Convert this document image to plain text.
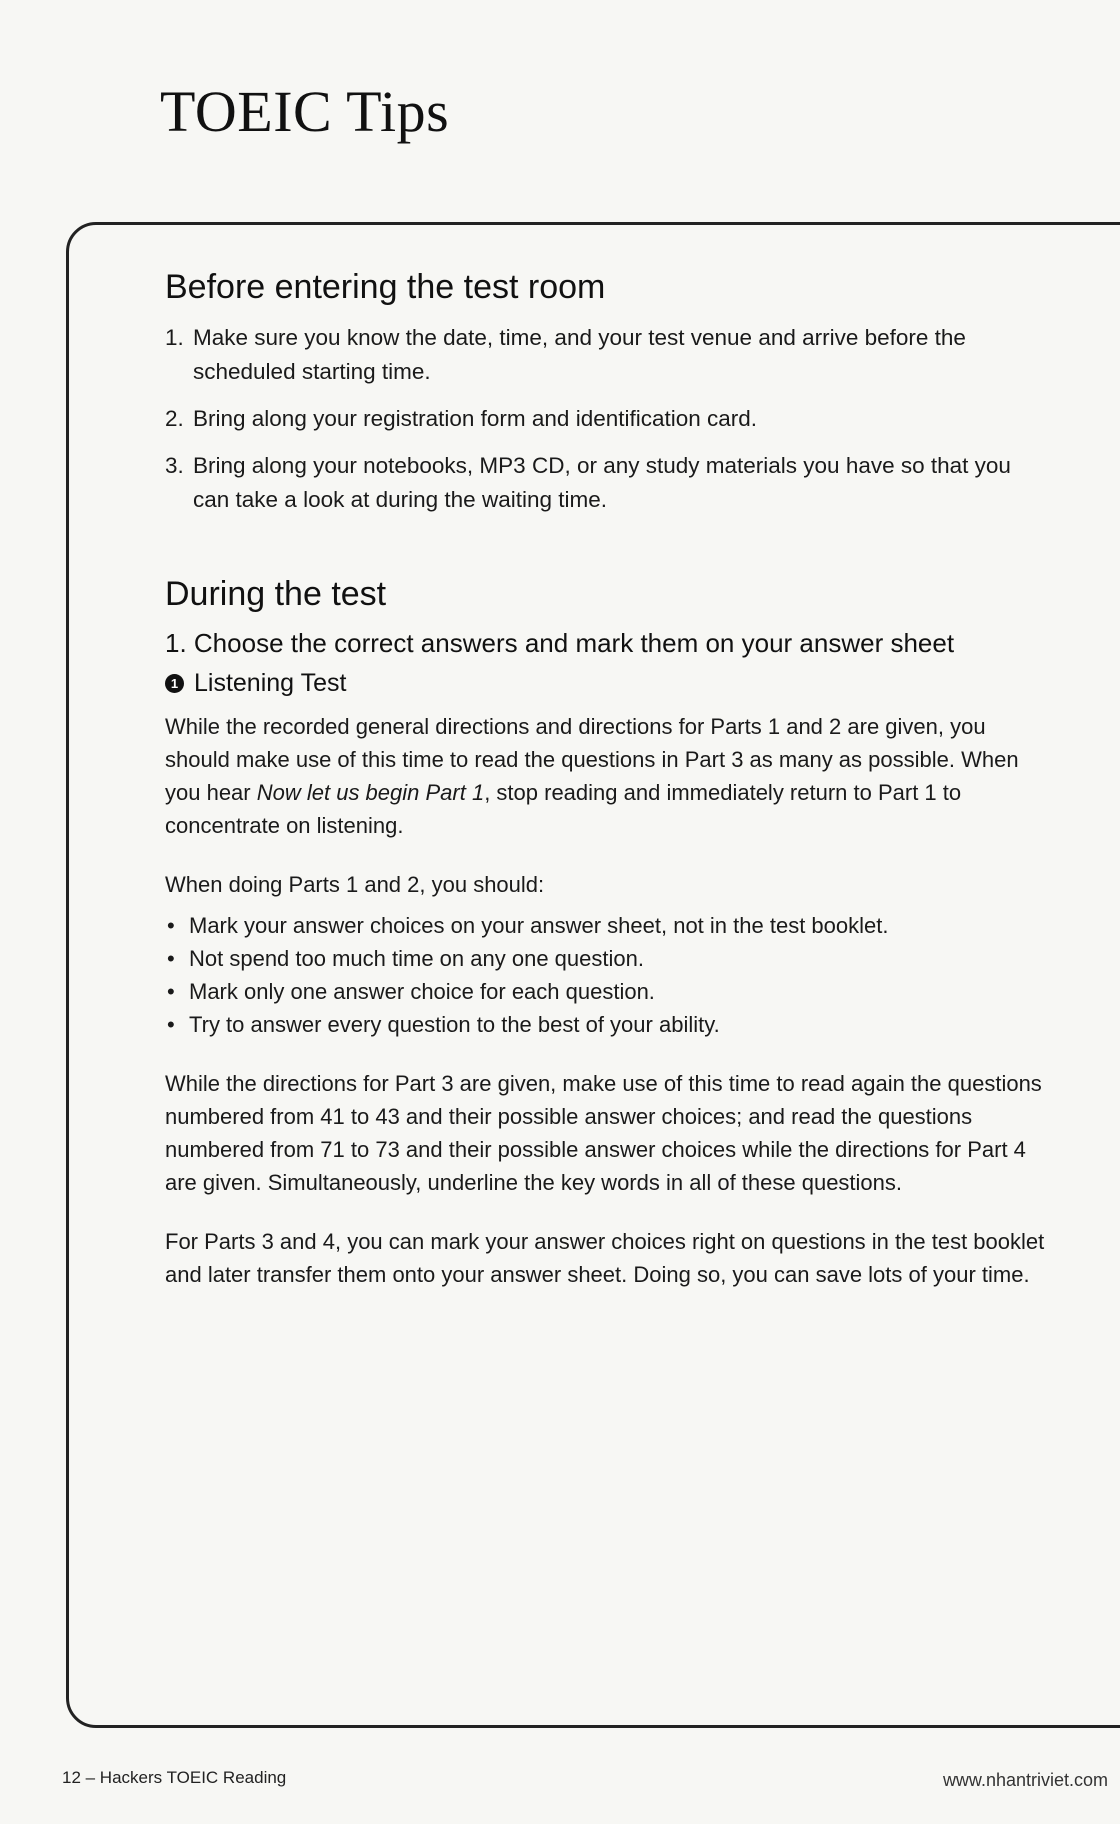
TOEIC Tips
Before entering the test room
1. Make sure you know the date, time, and your test venue and arrive before the scheduled starting time.
2. Bring along your registration form and identification card.
3. Bring along your notebooks, MP3 CD, or any study materials you have so that you can take a look at during the waiting time.
During the test
1. Choose the correct answers and mark them on your answer sheet
1 Listening Test

While the recorded general directions and directions for Parts 1 and 2 are given, you should make use of this time to read the questions in Part 3 as many as possible. When you hear Now let us begin Part 1, stop reading and immediately return to Part 1 to concentrate on listening.

When doing Parts 1 and 2, you should:

• Mark your answer choices on your answer sheet, not in the test booklet.
• Not spend too much time on any one question.
• Mark only one answer choice for each question.
• Try to answer every question to the best of your ability.

While the directions for Part 3 are given, make use of this time to read again the questions numbered from 41 to 43 and their possible answer choices; and read the questions numbered from 71 to 73 and their possible answer choices while the directions for Part 4 are given. Simultaneously, underline the key words in all of these questions.

For Parts 3 and 4, you can mark your answer choices right on questions in the test booklet and later transfer them onto your answer sheet. Doing so, you can save lots of your time.

12 – Hackers TOEIC Reading	www.nhantriviet.com
